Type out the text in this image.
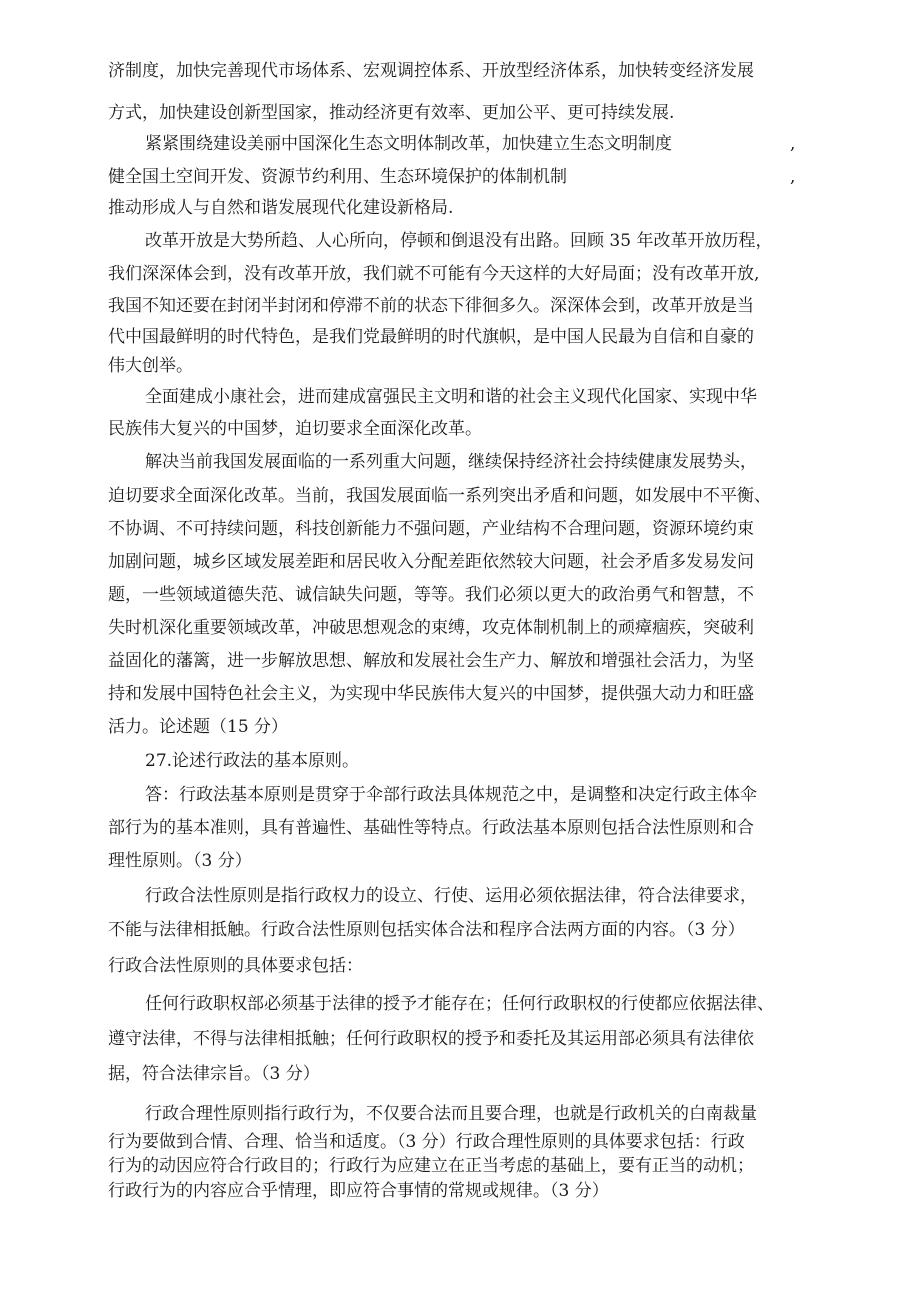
济制度，加快完善现代市场体系、宏观调控体系、开放型经济体系，加快转变经济发展
方式，加快建设创新型国家，推动经济更有效率、更加公平、更可持续发展.
紧紧围绕建设美丽中国深化生态文明体制改革，加快建立生态文明制度	,
健全国土空间开发、资源节约利用、生态环境保护的体制机制	,
推动形成人与自然和谐发展现代化建设新格局.
改革开放是大势所趋、人心所向，停顿和倒退没有出路。回顾 35 年改革开放历程，
我们深深体会到，没有改革开放，我们就不可能有今天这样的大好局面；没有改革开放,
我国不知还要在封闭半封闭和停滞不前的状态下徘徊多久。深深体会到，改革开放是当
代中国最鲜明的时代特色，是我们党最鲜明的时代旗帜，是中国人民最为自信和自豪的
伟大创举。
全面建成小康社会，进而建成富强民主文明和谐的社会主义现代化国家、实现中华
民族伟大复兴的中国梦，迫切要求全面深化改革。
解决当前我国发展面临的一系列重大问题，继续保持经济社会持续健康发展势头，
迫切要求全面深化改革。当前，我国发展面临一系列突出矛盾和问题，如发展中不平衡、
不协调、不可持续问题，科技创新能力不强问题，产业结构不合理问题，资源环境约束
加剧问题，城乡区域发展差距和居民收入分配差距依然较大问题，社会矛盾多发易发问
题，一些领域道德失范、诚信缺失问题，等等。我们必须以更大的政治勇气和智慧，不
失时机深化重要领域改革，冲破思想观念的束缚，攻克体制机制上的顽瘴痼疾，突破利
益固化的藩篱，进一步解放思想、解放和发展社会生产力、解放和增强社会活力，为坚
持和发展中国特色社会主义，为实现中华民族伟大复兴的中国梦，提供强大动力和旺盛
活力。论述题（15 分）
27.论述行政法的基本原则。
答：行政法基本原则是贯穿于伞部行政法具体规范之中，是调整和决定行政主体伞
部行为的基本准则，具有普遍性、基础性等特点。行政法基本原则包括合法性原则和合
理性原则。（3 分）
行政合法性原则是指行政权力的设立、行使、运用必须依据法律，符合法律要求，
不能与法律相抵触。行政合法性原则包括实体合法和程序合法两方面的内容。（3 分）
行政合法性原则的具体要求包括：
任何行政职权部必须基于法律的授予才能存在；任何行政职权的行使都应依据法律、
遵守法律，不得与法律相抵触；任何行政职权的授予和委托及其运用部必须具有法律依
据，符合法律宗旨。（3 分）
行政合理性原则指行政行为，不仅要合法而且要合理，也就是行政机关的白南裁量
行为要做到合情、合理、恰当和适度。（3 分）行政合理性原则的具体要求包括：行政
行为的动因应符合行政目的；行政行为应建立在正当考虑的基础上，要有正当的动机；
行政行为的内容应合乎情理，即应符合事情的常规或规律。（3 分）
